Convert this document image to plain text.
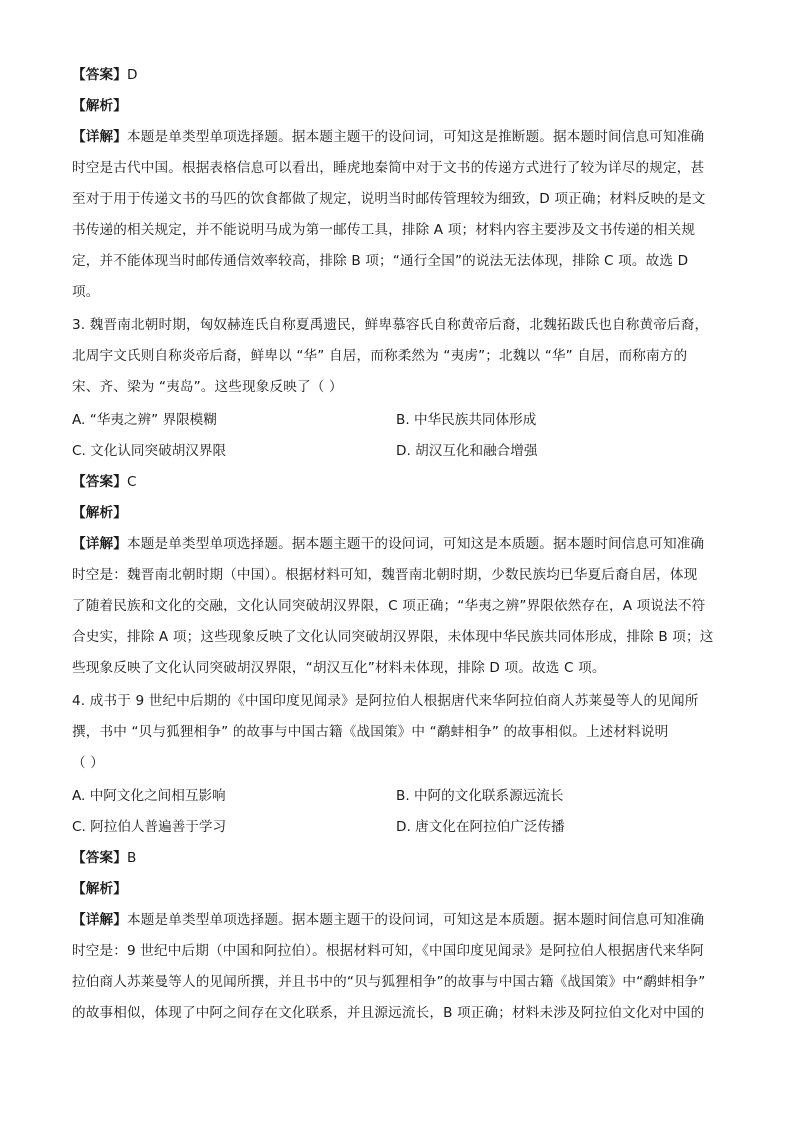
【答案】D
【解析】
【详解】本题是单类型单项选择题。据本题主题干的设问词，可知这是推断题。据本题时间信息可知准确
时空是古代中国。根据表格信息可以看出，睡虎地秦简中对于文书的传递方式进行了较为详尽的规定，甚
至对于用于传递文书的马匹的饮食都做了规定，说明当时邮传管理较为细致，D 项正确；材料反映的是文
书传递的相关规定，并不能说明马成为第一邮传工具，排除 A 项；材料内容主要涉及文书传递的相关规
定，并不能体现当时邮传通信效率较高，排除 B 项；“通行全国”的说法无法体现，排除 C 项。故选 D
项。
3. 魏晋南北朝时期，匈奴赫连氏自称夏禹遗民，鲜卑慕容氏自称黄帝后裔，北魏拓跋氏也自称黄帝后裔，
北周宇文氏则自称炎帝后裔，鲜卑以 “华” 自居，而称柔然为 “夷虏”；北魏以 “华” 自居，而称南方的
宋、齐、梁为 “夷岛”。这些现象反映了（ ）
A. “华夷之辨” 界限模糊	B. 中华民族共同体形成
C. 文化认同突破胡汉界限	D. 胡汉互化和融合增强
【答案】C
【解析】
【详解】本题是单类型单项选择题。据本题主题干的设问词，可知这是本质题。据本题时间信息可知准确
时空是：魏晋南北朝时期（中国）。根据材料可知，魏晋南北朝时期，少数民族均已华夏后裔自居，体现
了随着民族和文化的交融，文化认同突破胡汉界限，C 项正确；“华夷之辨”界限依然存在，A 项说法不符
合史实，排除 A 项；这些现象反映了文化认同突破胡汉界限，未体现中华民族共同体形成，排除 B 项；这
些现象反映了文化认同突破胡汉界限，“胡汉互化”材料未体现，排除 D 项。故选 C 项。
4. 成书于 9 世纪中后期的《中国印度见闻录》是阿拉伯人根据唐代来华阿拉伯商人苏莱曼等人的见闻所
撰，书中 “贝与狐狸相争” 的故事与中国古籍《战国策》中 “鹬蚌相争” 的故事相似。上述材料说明
（ ）
A. 中阿文化之间相互影响	B. 中阿的文化联系源远流长
C. 阿拉伯人普遍善于学习	D. 唐文化在阿拉伯广泛传播
【答案】B
【解析】
【详解】本题是单类型单项选择题。据本题主题干的设问词，可知这是本质题。据本题时间信息可知准确
时空是：9 世纪中后期（中国和阿拉伯）。根据材料可知，《中国印度见闻录》是阿拉伯人根据唐代来华阿
拉伯商人苏莱曼等人的见闻所撰，并且书中的“贝与狐狸相争”的故事与中国古籍《战国策》中“鹬蚌相争”
的故事相似，体现了中阿之间存在文化联系，并且源远流长，B 项正确；材料未涉及阿拉伯文化对中国的
